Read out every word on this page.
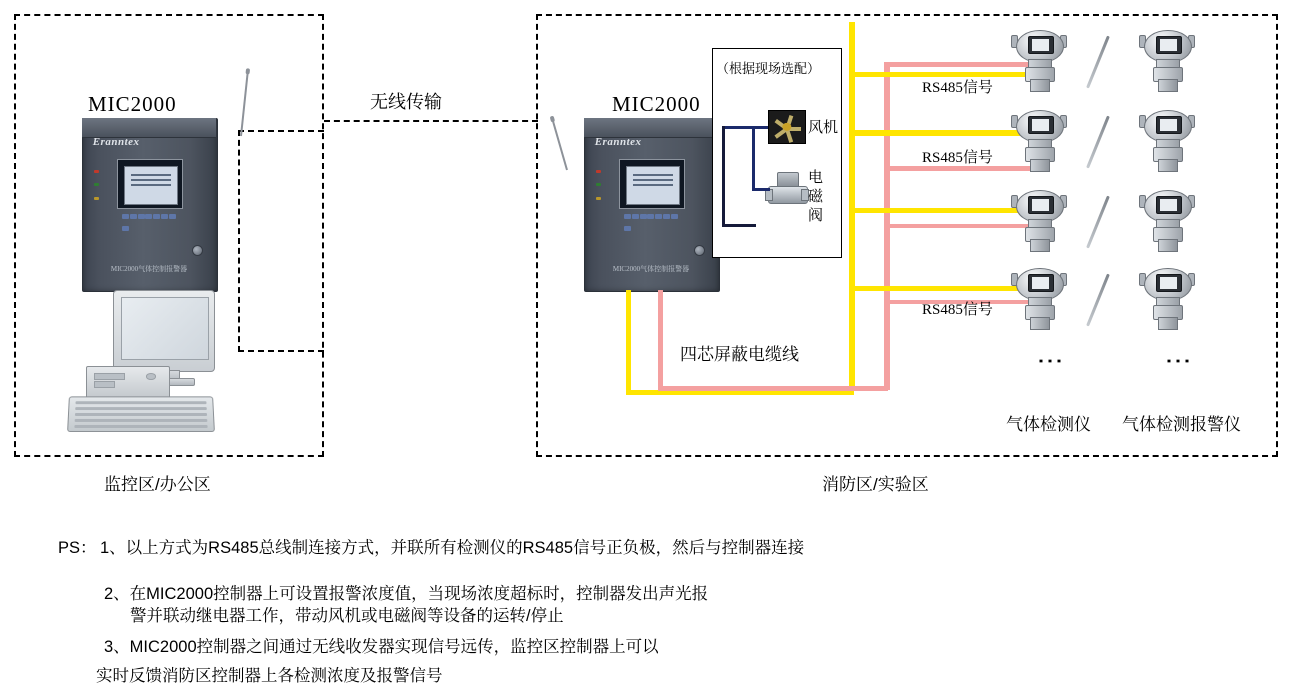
监控区/办公区
无线传输
Eranntex
MIC2000气体控制报警器
MIC2000
消防区/实验区
Eranntex
MIC2000气体控制报警器
MIC2000
（根据现场选配）
风机
电磁阀
四芯屏蔽电缆线
RS485信号
RS485信号
RS485信号
⋮	⋮
气体检测仪 气体检测报警仪
PS： 1、以上方式为RS485总线制连接方式，并联所有检测仪的RS485信号正负极，然后与控制器连接
2、在MIC2000控制器上可设置报警浓度值，当现场浓度超标时，控制器发出声光报
警并联动继电器工作，带动风机或电磁阀等设备的运转/停止
3、MIC2000控制器之间通过无线收发器实现信号远传，监控区控制器上可以
实时反馈消防区控制器上各检测浓度及报警信号
